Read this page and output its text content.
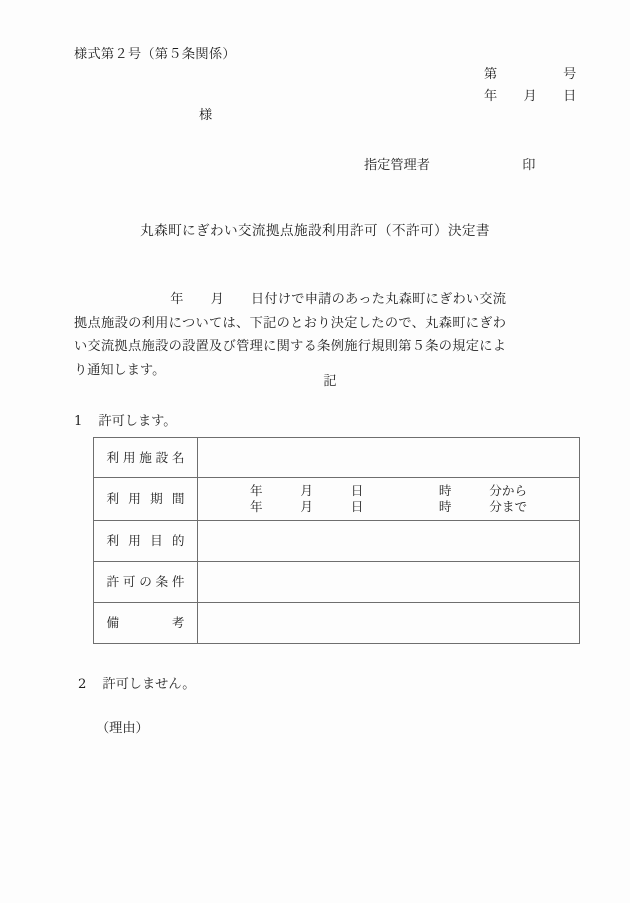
様式第２号（第５条関係）
第　　　　　号
年　　月　　日
様
指定管理者　　　　　　　印
丸森町にぎわい交流拠点施設利用許可（不許可）決定書
年　　月　　日付けで申請のあった丸森町にぎわい交流拠点施設の利用については、下記のとおり決定したので、丸森町にぎわい交流拠点施設の設置及び管理に関する条例施行規則第５条の規定により通知します。
記
1 許可します。
利用施設名	

利用期間	年　　　月　　　日　　　　　　時　　　分から
年　　　月　　　日　　　　　　時　　　分まで

利用目的	

許可の条件	

備考	

2 許可しません。
（理由）
